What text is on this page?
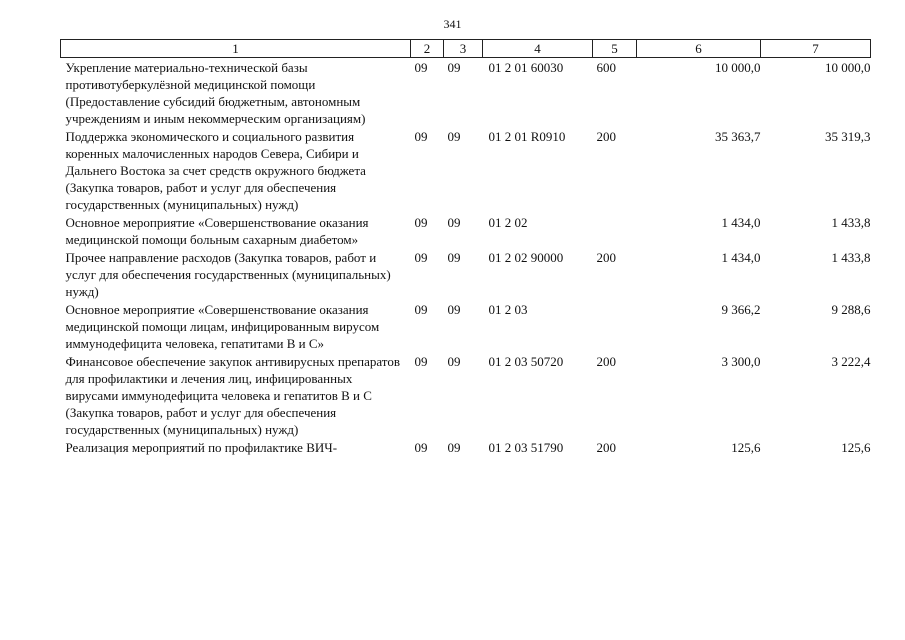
341
1	2	3	4	5	6	7
Укрепление материально-технической базы противотуберкулёзной медицинской помощи (Предоставление субсидий бюджетным, автономным учреждениям и иным некоммерческим организациям)	09	09	01 2 01 60030	600	10 000,0	10 000,0
Поддержка экономического и социального развития коренных малочисленных народов Севера, Сибири и Дальнего Востока за счет средств окружного бюджета (Закупка товаров, работ и услуг для обеспечения государственных (муниципальных) нужд)	09	09	01 2 01 R0910	200	35 363,7	35 319,3
Основное мероприятие «Совершенствование оказания медицинской помощи больным сахарным диабетом»	09	09	01 2 02		1 434,0	1 433,8
Прочее направление расходов (Закупка товаров, работ и услуг для обеспечения государственных (муниципальных) нужд)	09	09	01 2 02 90000	200	1 434,0	1 433,8
Основное мероприятие «Совершенствование оказания медицинской помощи лицам, инфицированным вирусом иммунодефицита человека, гепатитами В и С»	09	09	01 2 03		9 366,2	9 288,6
Финансовое обеспечение закупок антивирусных препаратов для профилактики и лечения лиц, инфицированных вирусами иммунодефицита человека и гепатитов В и С (Закупка товаров, работ и услуг для обеспечения государственных (муниципальных) нужд)	09	09	01 2 03 50720	200	3 300,0	3 222,4
Реализация мероприятий по профилактике ВИЧ-	09	09	01 2 03 51790	200	125,6	125,6
